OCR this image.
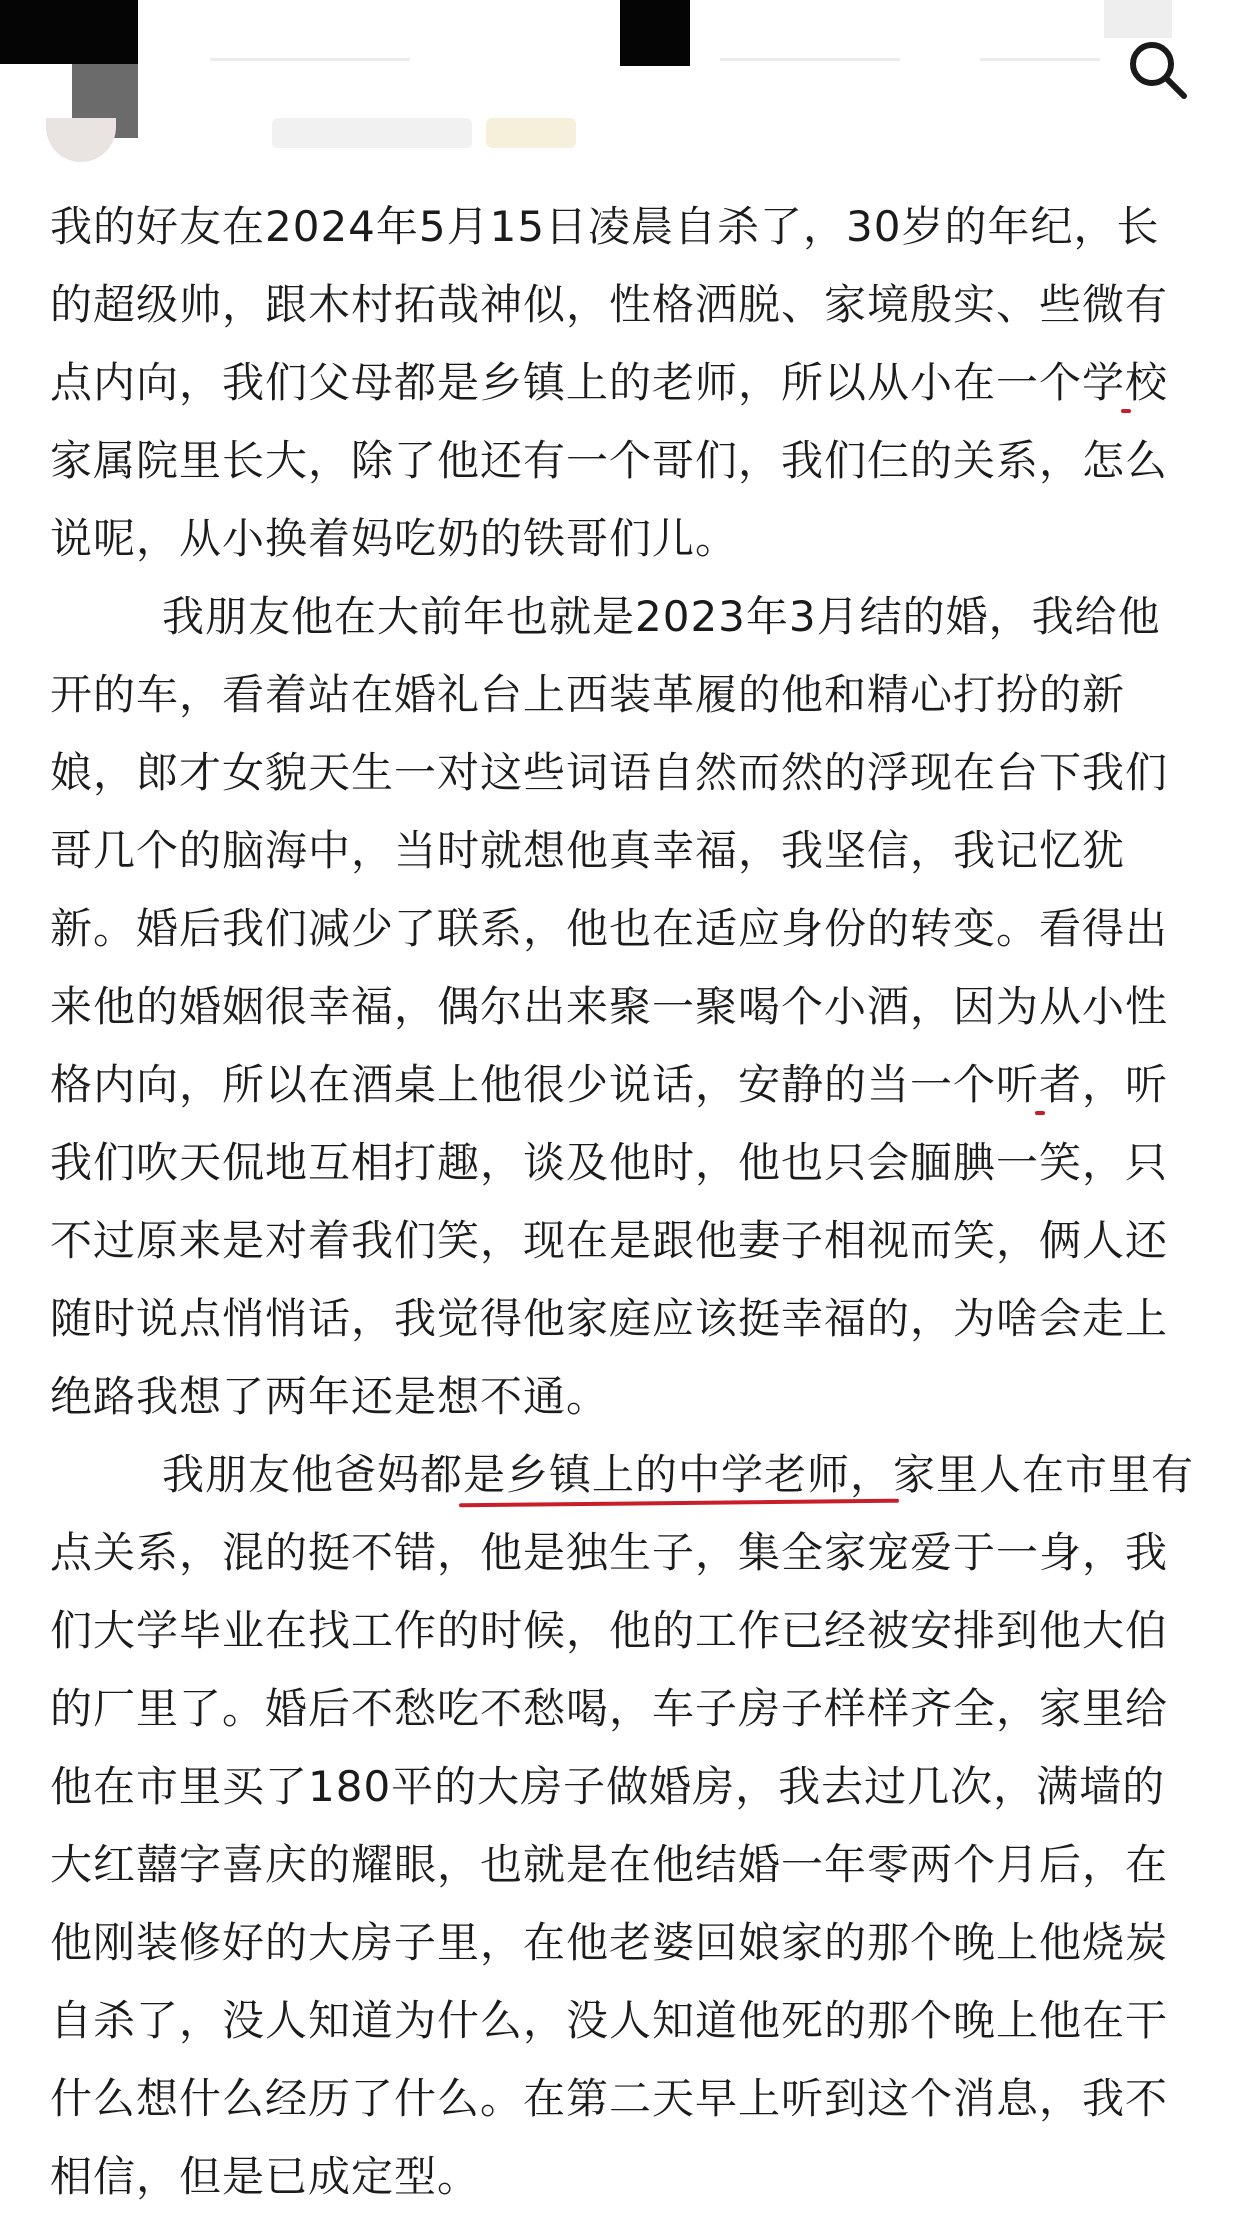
我的好友在2024年5月15日凌晨自杀了，30岁的年纪，长的超级帅，跟木村拓哉神似，性格洒脱、家境殷实、些微有点内向，我们父母都是乡镇上的老师，所以从小在一个学校家属院里长大，除了他还有一个哥们，我们仨的关系，怎么说呢，从小换着妈吃奶的铁哥们儿。

我朋友他在大前年也就是2023年3月结的婚，我给他开的车，看着站在婚礼台上西装革履的他和精心打扮的新娘，郎才女貌天生一对这些词语自然而然的浮现在台下我们哥几个的脑海中，当时就想他真幸福，我坚信，我记忆犹新。婚后我们减少了联系，他也在适应身份的转变。看得出来他的婚姻很幸福，偶尔出来聚一聚喝个小酒，因为从小性格内向，所以在酒桌上他很少说话，安静的当一个听者，听我们吹天侃地互相打趣，谈及他时，他也只会腼腆一笑，只不过原来是对着我们笑，现在是跟他妻子相视而笑，俩人还随时说点悄悄话，我觉得他家庭应该挺幸福的，为啥会走上绝路我想了两年还是想不通。

我朋友他爸妈都是乡镇上的中学老师，家里人在市里有点关系，混的挺不错，他是独生子，集全家宠爱于一身，我们大学毕业在找工作的时候，他的工作已经被安排到他大伯的厂里了。婚后不愁吃不愁喝，车子房子样样齐全，家里给他在市里买了180平的大房子做婚房，我去过几次，满墙的大红囍字喜庆的耀眼，也就是在他结婚一年零两个月后，在他刚装修好的大房子里，在他老婆回娘家的那个晚上他烧炭自杀了，没人知道为什么，没人知道他死的那个晚上他在干什么想什么经历了什么。在第二天早上听到这个消息，我不相信，但是已成定型。
